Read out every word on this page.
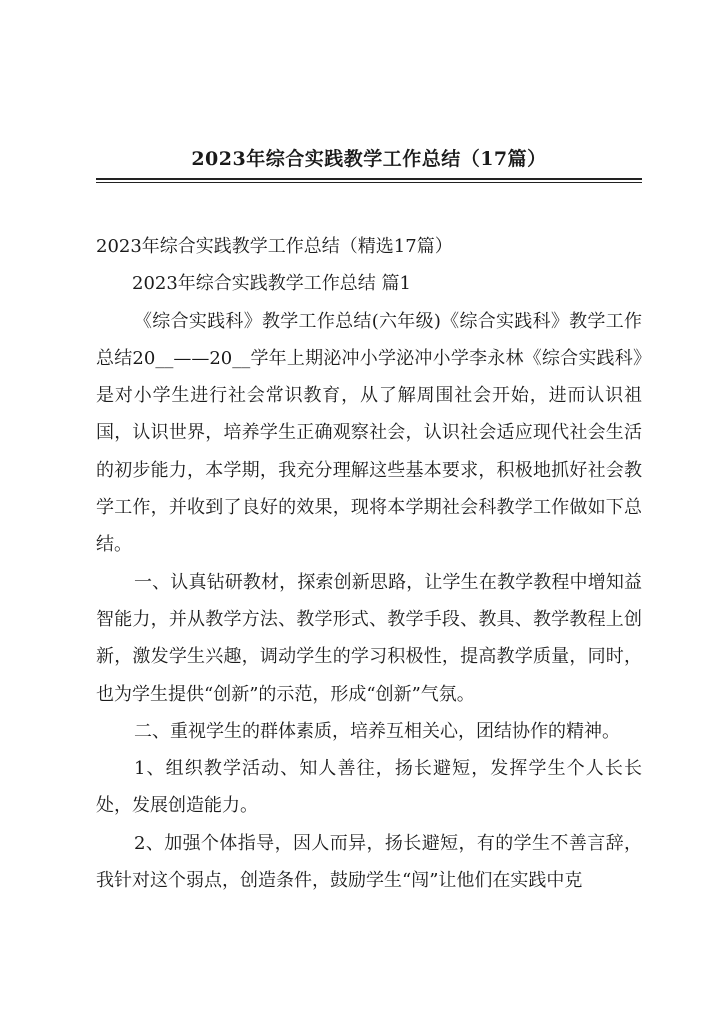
2023年综合实践教学工作总结（17篇）

2023年综合实践教学工作总结（精选17篇）

2023年综合实践教学工作总结 篇1

《综合实践科》教学工作总结(六年级)《综合实践科》教学工作总结20__——20__学年上期泌冲小学泌冲小学李永林《综合实践科》是对小学生进行社会常识教育，从了解周围社会开始，进而认识祖国，认识世界，培养学生正确观察社会，认识社会适应现代社会生活的初步能力，本学期，我充分理解这些基本要求，积极地抓好社会教学工作，并收到了良好的效果，现将本学期社会科教学工作做如下总结。

一、认真钻研教材，探索创新思路，让学生在教学教程中增知益智能力，并从教学方法、教学形式、教学手段、教具、教学教程上创新，激发学生兴趣，调动学生的学习积极性，提高教学质量，同时，也为学生提供“创新”的示范，形成“创新”气氛。

二、重视学生的群体素质，培养互相关心，团结协作的精神。

1、组织教学活动、知人善往，扬长避短，发挥学生个人长长处，发展创造能力。

2、加强个体指导，因人而异，扬长避短，有的学生不善言辞，我针对这个弱点，创造条件，鼓励学生“闯”让他们在实践中克
